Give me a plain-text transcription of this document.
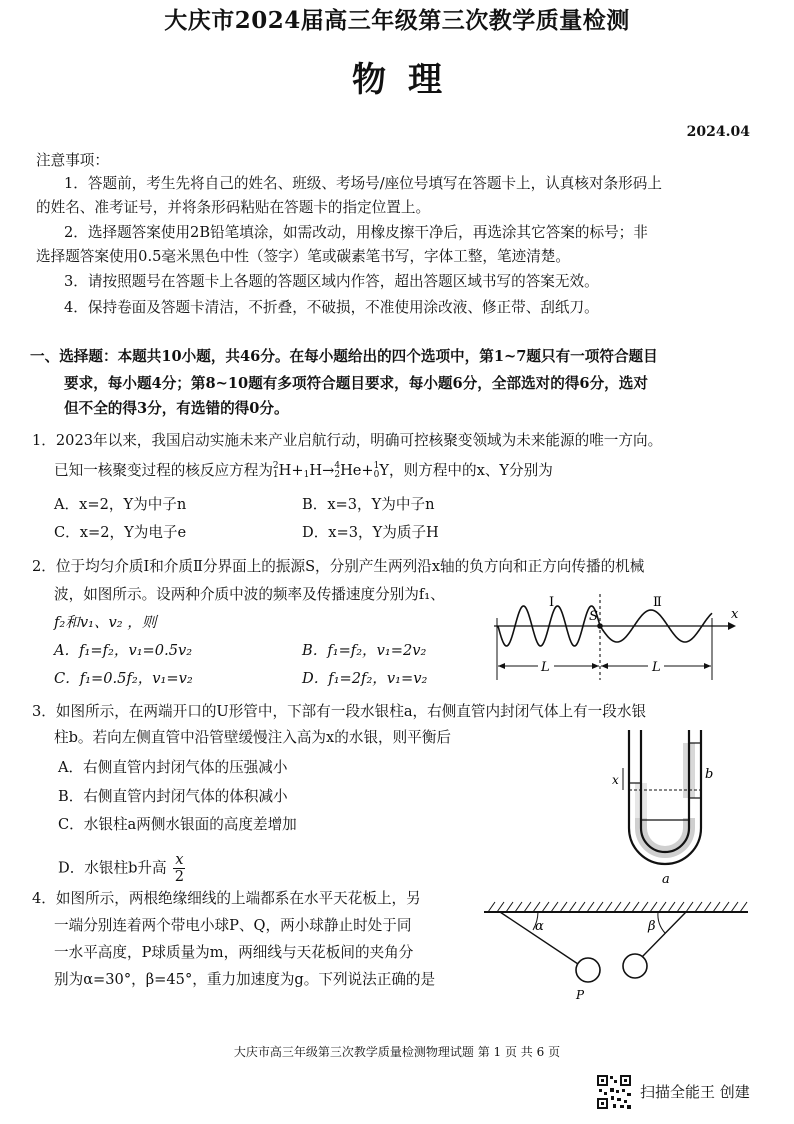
大庆市2024届高三年级第三次教学质量检测
物理
2024.04
注意事项：
1．答题前，考生先将自己的姓名、班级、考场号/座位号填写在答题卡上，认真核对条形码上
的姓名、准考证号，并将条形码粘贴在答题卡的指定位置上。
2．选择题答案使用2B铅笔填涂，如需改动，用橡皮擦干净后，再选涂其它答案的标号；非
选择题答案使用0.5毫米黑色中性（签字）笔或碳素笔书写，字体工整，笔迹清楚。
3．请按照题号在答题卡上各题的答题区域内作答，超出答题区域书写的答案无效。
4．保持卷面及答题卡清洁，不折叠，不破损，不准使用涂改液、修正带、刮纸刀。
一、选择题：本题共10小题，共46分。在每小题给出的四个选项中，第1~7题只有一项符合题目
要求，每小题4分；第8~10题有多项符合题目要求，每小题6分，全部选对的得6分，选对
但不全的得3分，有选错的得0分。
1．2023年以来，我国启动实施未来产业启航行动，明确可控核聚变领域为未来能源的唯一方向。
已知一核聚变过程的核反应方程为2
1H+
1H→4
2He+1
0Y，则方程中的x、Y分别为
A．x=2，Y为中子n	B．x=3，Y为中子n
C．x=2，Y为电子e	D．x=3，Y为质子H
2．位于均匀介质Ⅰ和介质Ⅱ分界面上的振源S，分别产生两列沿x轴的负方向和正方向传播的机械
波，如图所示。设两种介质中波的频率及传播速度分别为f₁、
f₂和v₁、v₂ ，则
A．f₁=f₂，v₁=0.5v₂	B．f₁=f₂，v₁=2v₂
C．f₁=0.5f₂，v₁=v₂	D．f₁=2f₂，v₁=v₂
L	L
Ⅰ	Ⅱ
S	x
3．如图所示，在两端开口的U形管中，下部有一段水银柱a，右侧直管内封闭气体上有一段水银
柱b。若向左侧直管中沿管壁缓慢注入高为x的水银，则平衡后
A．右侧直管内封闭气体的压强减小
B．右侧直管内封闭气体的体积减小
C．水银柱a两侧水银面的高度差增加
D．水银柱b升高 $\frac{x}{2}$
x	b
a
4．如图所示，两根绝缘细线的上端都系在水平天花板上，另
一端分别连着两个带电小球P、Q，两小球静止时处于同
一水平高度，P球质量为m，两细线与天花板间的夹角分
别为α=30°，β=45°，重力加速度为g。下列说法正确的是
α	β
P
大庆市高三年级第三次教学质量检测物理试题 第 1 页 共 6 页
扫描全能王 创建
